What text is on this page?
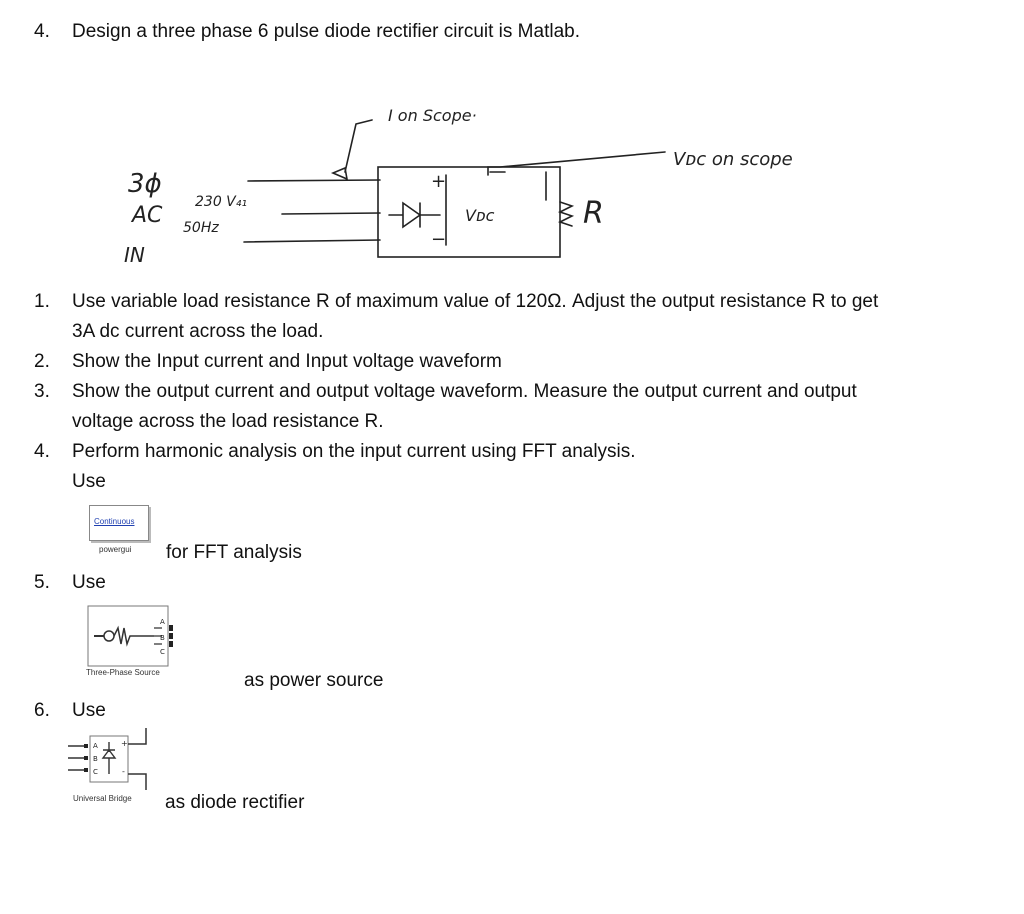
4. Design a three phase 6 pulse diode rectifier circuit is Matlab.
3ϕ
AC
IN
230 V₄₁
50Hz
I on Scope·
Vᴅᴄ on scope
+
−
Vᴅᴄ	R
1. Use variable load resistance R of maximum value of 120Ω. Adjust the output resistance R to get
3A dc current across the load.
2. Show the Input current and Input voltage waveform
3. Show the output current and output voltage waveform. Measure the output current and output
voltage across the load resistance R.
4. Perform harmonic analysis on the input current using FFT analysis.
Use
Continuous
powergui for FFT analysis
5. Use
A
B
C
Three-Phase Source	as power source
6. Use
A
B
C
+
-
Universal Bridge as diode rectifier
